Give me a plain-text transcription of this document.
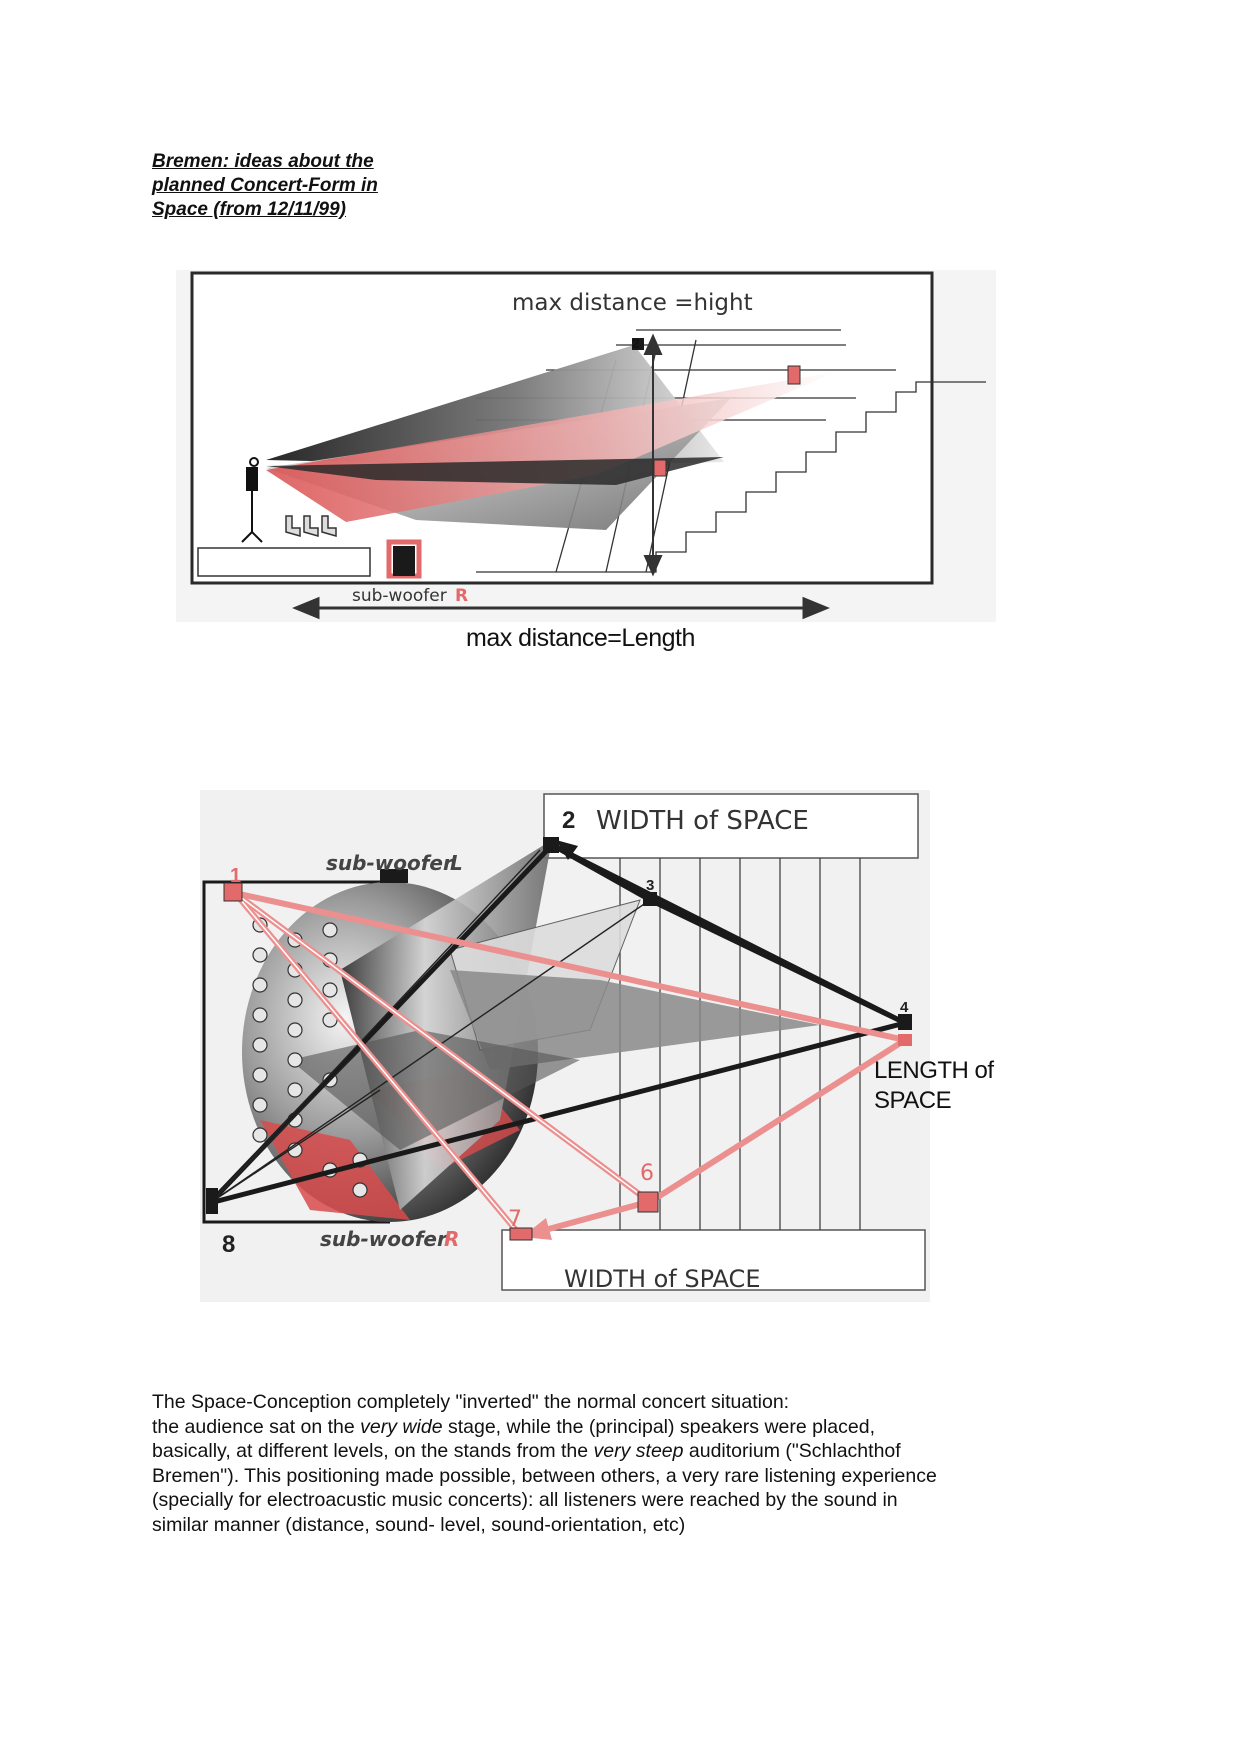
Bremen: ideas about the
planned Concert-Form in
Space (from 12/11/99)
2
5
6
sub-woofer R
max distance =hight
max distance=Length
1
2
3
4
6
7
8
WIDTH of SPACE
WIDTH of SPACE
sub-woofer
L
sub-woofer
R
LENGTH of
SPACE
The Space-Conception completely "inverted" the normal concert situation:
the audience sat on the very wide stage, while the (principal) speakers were placed,
basically, at different levels, on the stands from the very steep auditorium ("Schlachthof
Bremen"). This positioning made possible, between others, a very rare listening experience
(specially for electroacustic music concerts): all listeners were reached by the sound in
similar manner (distance, sound- level, sound-orientation, etc)
